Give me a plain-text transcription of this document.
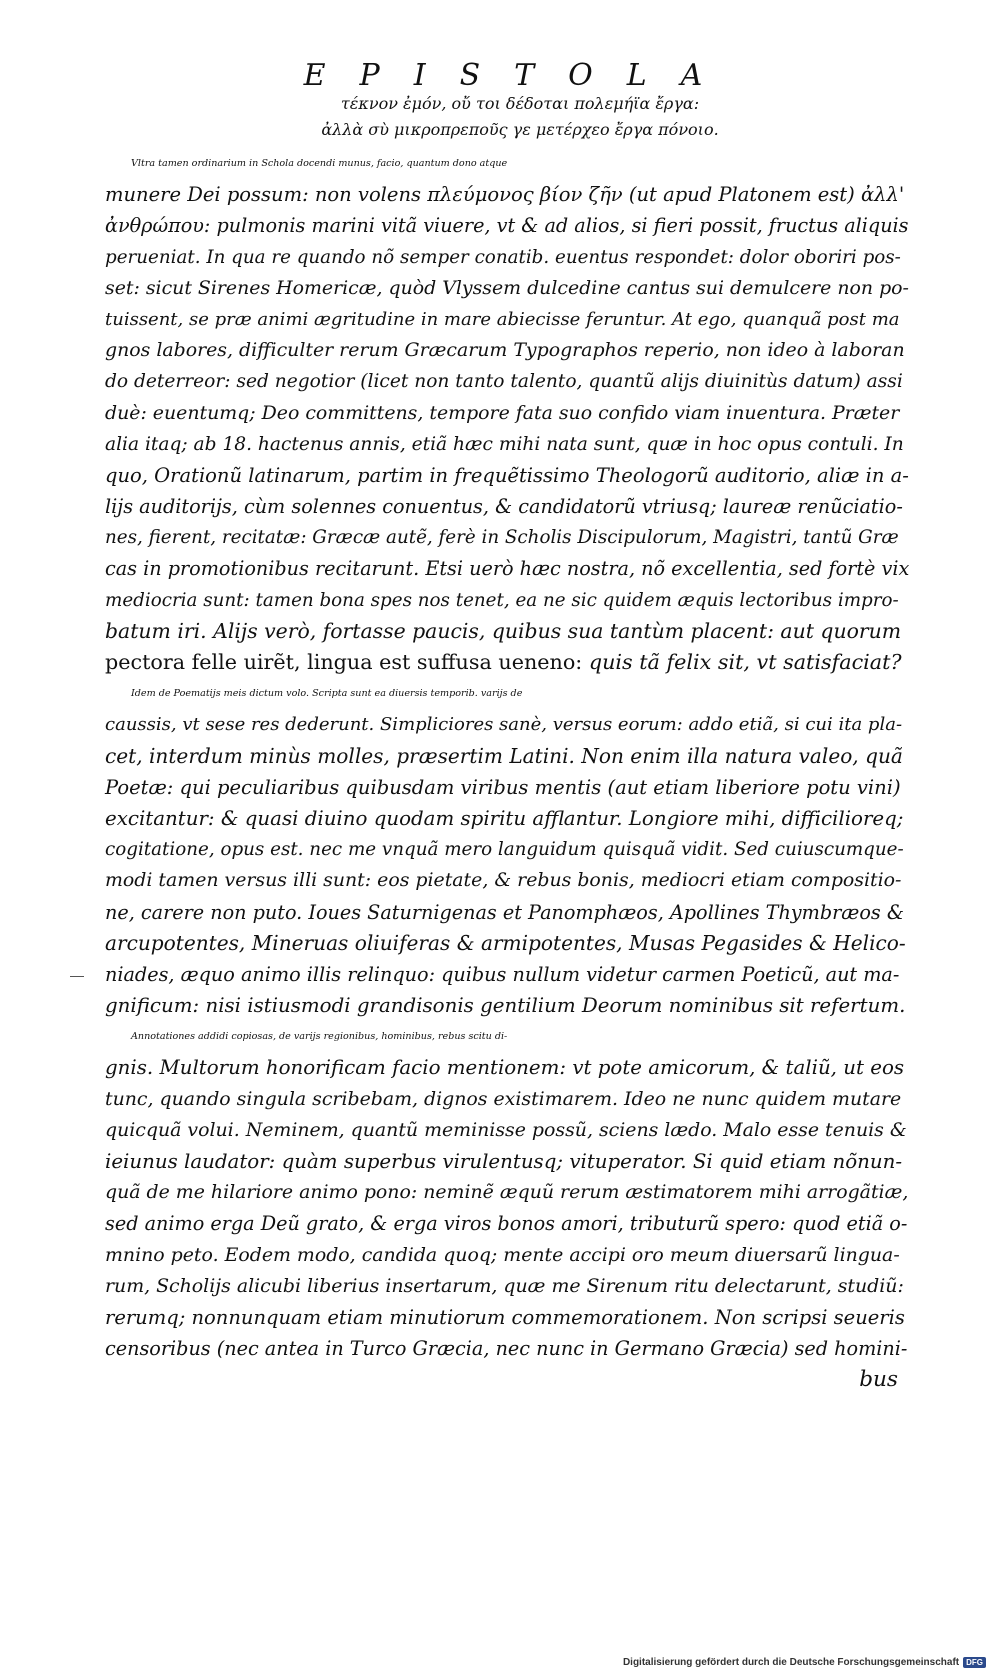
EPISTOLA
τέκνον ἐμόν, οὔ τοι δέδοται πολεμήϊα ἔργα:
ἀλλὰ σὺ μικροπρεποῦς γε μετέρχεο ἔργα πόνοιο.
Vltra tamen ordinarium in Schola docendi munus, facio, quantum dono atque
munere Dei possum: non volens πλεύμονος βίον ζῆν (ut apud Platonem est) ἀλλ'
ἀνθρώπου: pulmonis marini vitã viuere, vt & ad alios, si fieri possit, fructus aliquis
perueniat. In qua re quando nõ semper conatib. euentus respondet: dolor oboriri pos-
set: sicut Sirenes Homericæ, quòd Vlyssem dulcedine cantus sui demulcere non po-
tuissent, se præ animi ægritudine in mare abiecisse feruntur. At ego, quanquã post ma
gnos labores, difficulter rerum Græcarum Typographos reperio, non ideo à laboran
do deterreor: sed negotior (licet non tanto talento, quantũ alijs diuinitùs datum) assi
duè: euentumq; Deo committens, tempore fata suo confido viam inuentura. Præter
alia itaq; ab 18. hactenus annis, etiã hæc mihi nata sunt, quæ in hoc opus contuli. In
quo, Orationũ latinarum, partim in frequẽtissimo Theologorũ auditorio, aliæ in a-
lijs auditorijs, cùm solennes conuentus, & candidatorũ vtriusq; laureæ renũciatio-
nes, fierent, recitatæ: Græcæ autẽ, ferè in Scholis Discipulorum, Magistri, tantũ Græ
cas in promotionibus recitarunt. Etsi uerò hæc nostra, nõ excellentia, sed fortè vix
mediocria sunt: tamen bona spes nos tenet, ea ne sic quidem æquis lectoribus impro-
batum iri. Alijs verò, fortasse paucis, quibus sua tantùm placent: aut quorum
pectora felle uirẽt, lingua est suffusa ueneno: quis tã felix sit, vt satisfaciat?
Idem de Poematijs meis dictum volo. Scripta sunt ea diuersis temporib. varijs de
caussis, vt sese res dederunt. Simpliciores sanè, versus eorum: addo etiã, si cui ita pla-
cet, interdum minùs molles, præsertim Latini. Non enim illa natura valeo, quã
Poetæ: qui peculiaribus quibusdam viribus mentis (aut etiam liberiore potu vini)
excitantur: & quasi diuino quodam spiritu afflantur. Longiore mihi, difficilioreq;
cogitatione, opus est. nec me vnquã mero languidum quisquã vidit. Sed cuiuscumque-
modi tamen versus illi sunt: eos pietate, & rebus bonis, mediocri etiam compositio-
ne, carere non puto. Ioues Saturnigenas et Panomphæos, Apollines Thymbræos &
arcupotentes, Mineruas oliuiferas & armipotentes, Musas Pegasides & Helico-
niades, æquo animo illis relinquo: quibus nullum videtur carmen Poeticũ, aut ma-
gnificum: nisi istiusmodi grandisonis gentilium Deorum nominibus sit refertum.
Annotationes addidi copiosas, de varijs regionibus, hominibus, rebus scitu di-
gnis. Multorum honorificam facio mentionem: vt pote amicorum, & taliũ, ut eos
tunc, quando singula scribebam, dignos existimarem. Ideo ne nunc quidem mutare
quicquã volui. Neminem, quantũ meminisse possũ, sciens lædo. Malo esse tenuis &
ieiunus laudator: quàm superbus virulentusq; vituperator. Si quid etiam nõnun-
quã de me hilariore animo pono: neminẽ æquũ rerum æstimatorem mihi arrogãtiæ,
sed animo erga Deũ grato, & erga viros bonos amori, tributurũ spero: quod etiã o-
mnino peto. Eodem modo, candida quoq; mente accipi oro meum diuersarũ lingua-
rum, Scholijs alicubi liberius insertarum, quæ me Sirenum ritu delectarunt, studiũ:
rerumq; nonnunquam etiam minutiorum commemorationem. Non scripsi seueris
censoribus (nec antea in Turco Græcia, nec nunc in Germano Græcia) sed homini-
bus
Digitalisierung gefördert durch die Deutsche Forschungsgemeinschaft DFG
